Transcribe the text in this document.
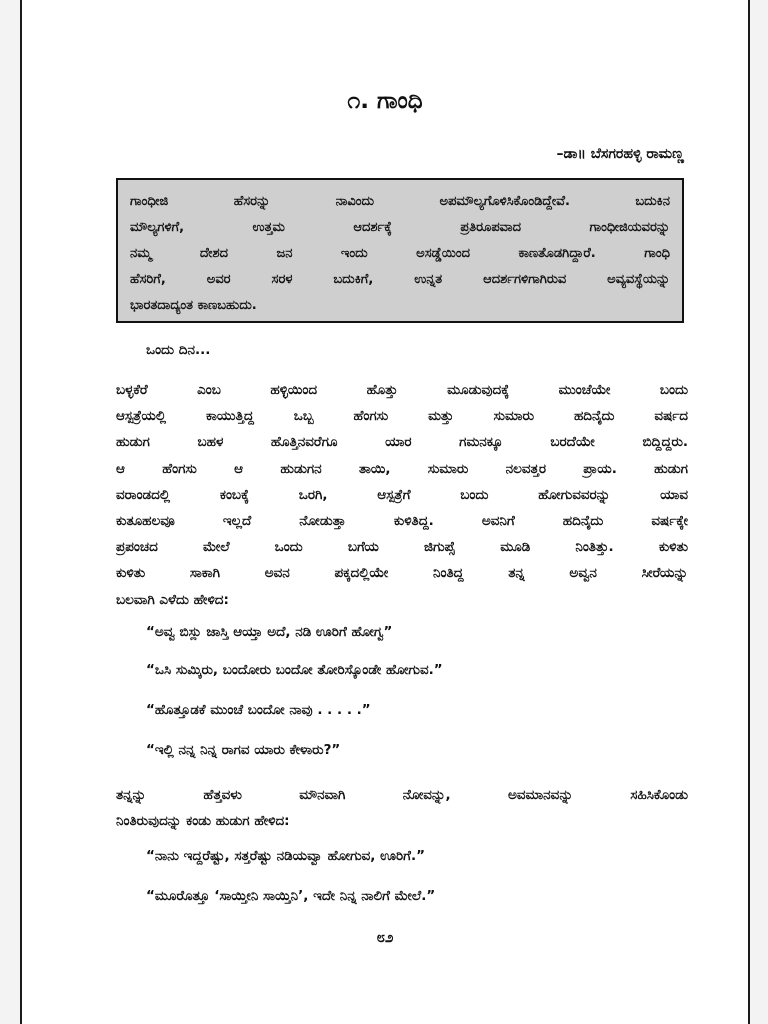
೧. ಗಾಂಧಿ
–ಡಾ॥ ಬೆಸಗರಹಳ್ಳಿ ರಾಮಣ್ಣ
ಗಾಂಧೀಜಿ ಹೆಸರನ್ನು ನಾವಿಂದು ಅಪಮೌಲ್ಯಗೊಳಿಸಿಕೊಂಡಿದ್ದೇವೆ. ಬದುಕಿನ
ಮೌಲ್ಯಗಳಿಗೆ, ಉತ್ತಮ ಆದರ್ಶಕ್ಕೆ ಪ್ರತಿರೂಪವಾದ ಗಾಂಧೀಜಿಯವರನ್ನು
ನಮ್ಮ ದೇಶದ ಜನ ಇಂದು ಅಸಡ್ಡೆಯಿಂದ ಕಾಣತೊಡಗಿದ್ದಾರೆ. ಗಾಂಧಿ
ಹೆಸರಿಗೆ, ಅವರ ಸರಳ ಬದುಕಿಗೆ, ಉನ್ನತ ಆದರ್ಶಗಳಿಗಾಗಿರುವ ಅವ್ಯವಸ್ಥೆಯನ್ನು
ಭಾರತದಾದ್ಯಂತ ಕಾಣಬಹುದು.
ಒಂದು ದಿನ...
ಬಳ್ಳಕೆರೆ ಎಂಬ ಹಳ್ಳಿಯಿಂದ ಹೊತ್ತು ಮೂಡುವುದಕ್ಕೆ ಮುಂಚೆಯೇ ಬಂದು
ಆಸ್ಪತ್ರೆಯಲ್ಲಿ ಕಾಯುತ್ತಿದ್ದ ಒಬ್ಬ ಹೆಂಗಸು ಮತ್ತು ಸುಮಾರು ಹದಿನೈದು ವರ್ಷದ
ಹುಡುಗ ಬಹಳ ಹೊತ್ತಿನವರೆಗೂ ಯಾರ ಗಮನಕ್ಕೂ ಬರದೆಯೇ ಬಿದ್ದಿದ್ದರು.
ಆ ಹೆಂಗಸು ಆ ಹುಡುಗನ ತಾಯಿ, ಸುಮಾರು ನಲವತ್ತರ ಪ್ರಾಯ. ಹುಡುಗ
ವರಾಂಡದಲ್ಲಿ ಕಂಬಕ್ಕೆ ಒರಗಿ, ಆಸ್ಪತ್ರೆಗೆ ಬಂದು ಹೋಗುವವರನ್ನು ಯಾವ
ಕುತೂಹಲವೂ ಇಲ್ಲದೆ ನೋಡುತ್ತಾ ಕುಳಿತಿದ್ದ. ಅವನಿಗೆ ಹದಿನೈದು ವರ್ಷಕ್ಕೇ
ಪ್ರಪಂಚದ ಮೇಲೆ ಒಂದು ಬಗೆಯ ಜಿಗುಪ್ಸೆ ಮೂಡಿ ನಿಂತಿತ್ತು. ಕುಳಿತು
ಕುಳಿತು ಸಾಕಾಗಿ ಅವನ ಪಕ್ಕದಲ್ಲಿಯೇ ನಿಂತಿದ್ದ ತನ್ನ ಅವ್ವನ ಸೀರೆಯನ್ನು
ಬಲವಾಗಿ ಎಳೆದು ಹೇಳಿದ:
“ಅವ್ವ ಬಿಸ್ಲು ಜಾಸ್ತಿ ಆಯ್ತಾ ಅದೆ, ನಡಿ ಊರಿಗೆ ಹೋಗ್ವ”
“ಒಸಿ ಸುಮ್ಕಿರು, ಬಂದೋರು ಬಂದೋ ತೋರಿಸ್ಕೊಂಡೇ ಹೋಗುವ.”
“ಹೊತ್ತೂಡಕೆ ಮುಂಚೆ ಬಂದೋ ನಾವು . . . . .”
“ಇಲ್ಲಿ ನನ್ನ ನಿನ್ನ ರಾಗವ ಯಾರು ಕೇಳಾರು?”
ತನ್ನನ್ನು ಹೆತ್ತವಳು ಮೌನವಾಗಿ ನೋವನ್ನು, ಅವಮಾನವನ್ನು ಸಹಿಸಿಕೊಂಡು
ನಿಂತಿರುವುದನ್ನು ಕಂಡು ಹುಡುಗ ಹೇಳಿದ:
“ನಾನು ಇದ್ದರೆಷ್ಟು, ಸತ್ತರೆಷ್ಟು ನಡಿಯವ್ವಾ ಹೋಗುವ, ಊರಿಗೆ.”
“ಮೂರೊತ್ತೂ ‘ಸಾಯ್ತೀನಿ ಸಾಯ್ತಿನಿ’, ಇದೇ ನಿನ್ನ ನಾಲಿಗೆ ಮೇಲೆ.”
೮೨
